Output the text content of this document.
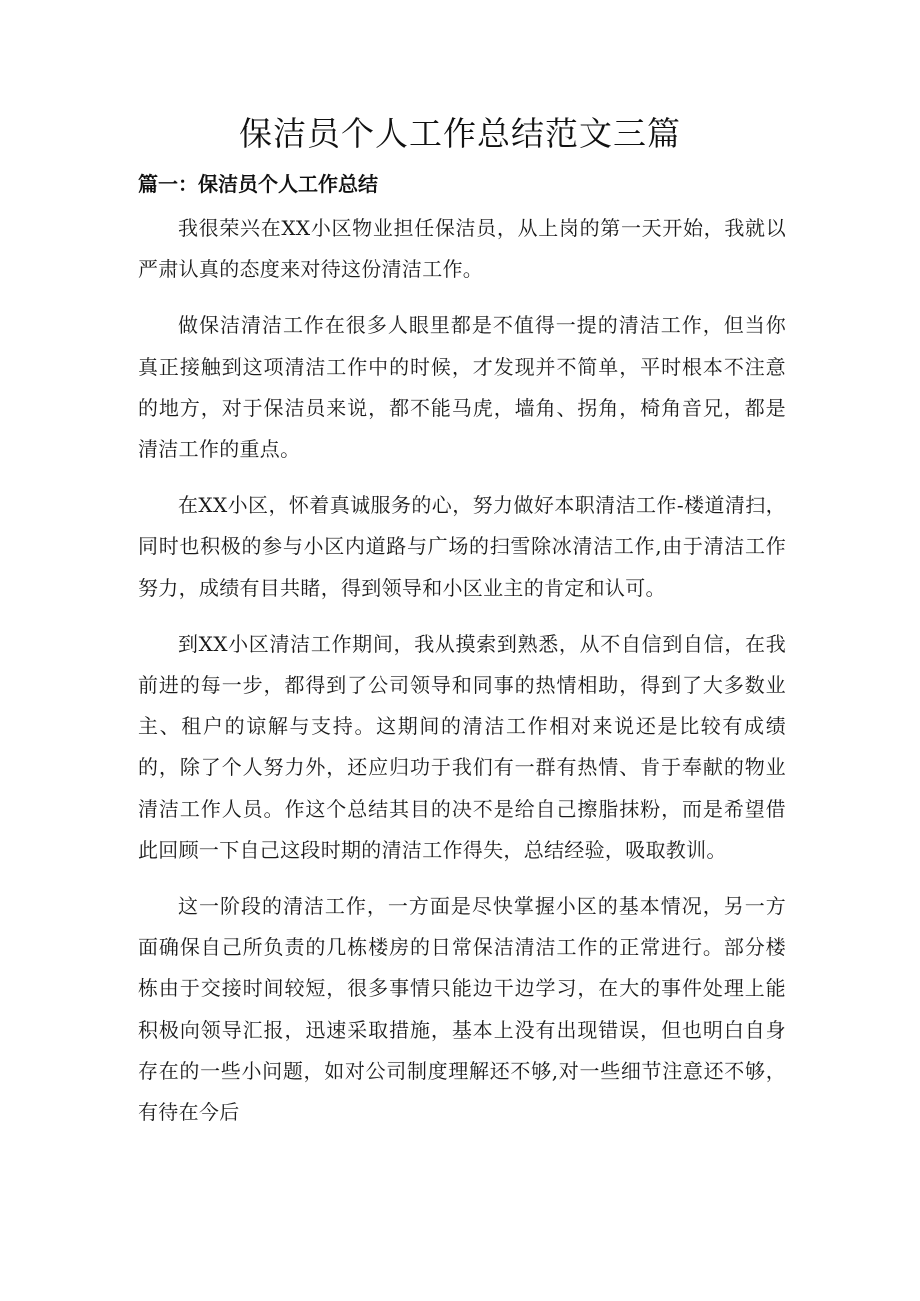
保洁员个人工作总结范文三篇
篇一：保洁员个人工作总结

我很荣兴在XX小区物业担任保洁员，从上岗的第一天开始，我就以严肃认真的态度来对待这份清洁工作。

做保洁清洁工作在很多人眼里都是不值得一提的清洁工作，但当你真正接触到这项清洁工作中的时候，才发现并不简单，平时根本不注意的地方，对于保洁员来说，都不能马虎，墙角、拐角，椅角音兄，都是清洁工作的重点。

在XX小区，怀着真诚服务的心，努力做好本职清洁工作-楼道清扫，同时也积极的参与小区内道路与广场的扫雪除冰清洁工作,由于清洁工作努力，成绩有目共睹，得到领导和小区业主的肯定和认可。

到XX小区清洁工作期间，我从摸索到熟悉，从不自信到自信，在我前进的每一步，都得到了公司领导和同事的热情相助，得到了大多数业主、租户的谅解与支持。这期间的清洁工作相对来说还是比较有成绩的，除了个人努力外，还应归功于我们有一群有热情、肯于奉献的物业清洁工作人员。作这个总结其目的决不是给自己擦脂抹粉，而是希望借此回顾一下自己这段时期的清洁工作得失，总结经验，吸取教训。

这一阶段的清洁工作，一方面是尽快掌握小区的基本情况，另一方面确保自己所负责的几栋楼房的日常保洁清洁工作的正常进行。部分楼栋由于交接时间较短，很多事情只能边干边学习，在大的事件处理上能积极向领导汇报，迅速采取措施，基本上没有出现错误，但也明白自身存在的一些小问题，如对公司制度理解还不够,对一些细节注意还不够，有待在今后
